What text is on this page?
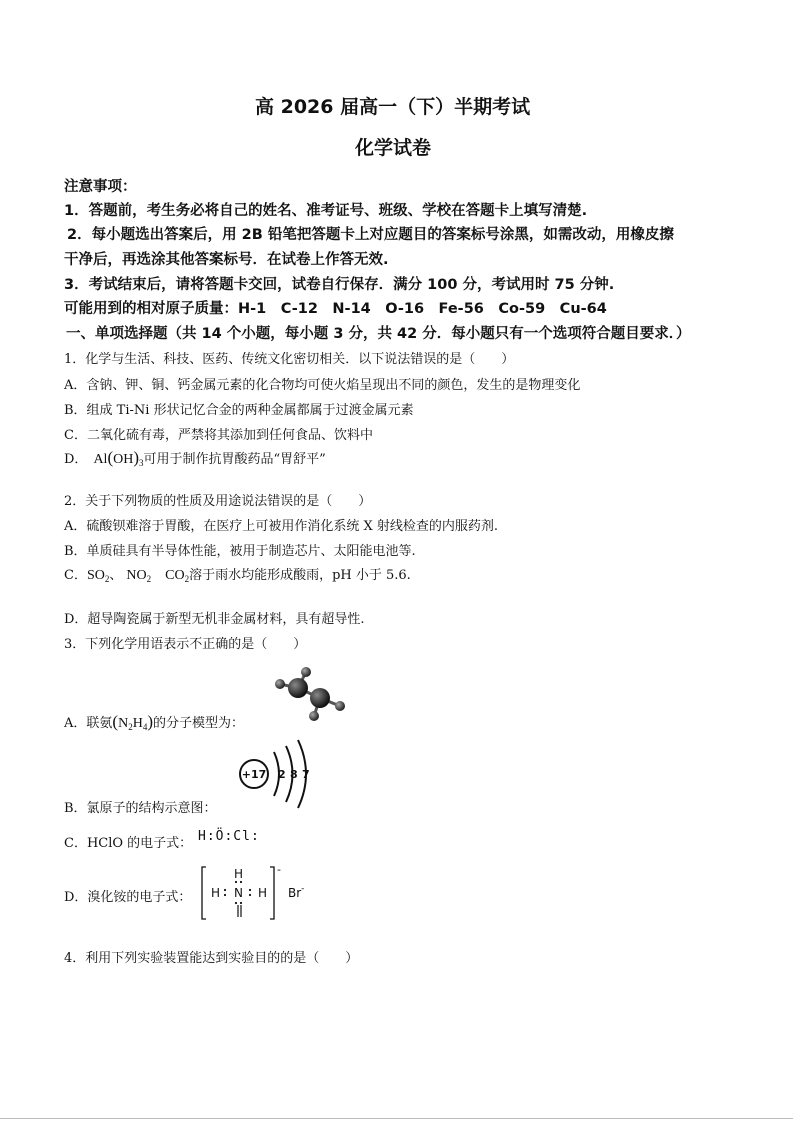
高 2026 届高一（下）半期考试
化学试卷
注意事项：
1．答题前，考生务必将自己的姓名、准考证号、班级、学校在答题卡上填写清楚.
2．每小题选出答案后，用 2B 铅笔把答题卡上对应题目的答案标号涂黑，如需改动，用橡皮擦
干净后，再选涂其他答案标号．在试卷上作答无效.
3．考试结束后，请将答题卡交回，试卷自行保存．满分 100 分，考试用时 75 分钟.
可能用到的相对原子质量：H-1　C-12　N-14　O-16　Fe-56　Co-59　Cu-64
一、单项选择题（共 14 个小题，每小题 3 分，共 42 分．每小题只有一个选项符合题目要求．）
1．化学与生活、科技、医药、传统文化密切相关．以下说法错误的是（　　）
A．含钠、钾、铜、钙金属元素的化合物均可使火焰呈现出不同的颜色，发生的是物理变化
B．组成 Ti-Ni 形状记忆合金的两种金属都属于过渡金属元素
C．二氧化硫有毒，严禁将其添加到任何食品、饮料中
D． $Al(OH)_3$可用于制作抗胃酸药品“胃舒平”
2．关于下列物质的性质及用途说法错误的是（　　）
A．硫酸钡难溶于胃酸，在医疗上可被用作消化系统 X 射线检查的内服药剂.
B．单质硅具有半导体性能，被用于制造芯片、太阳能电池等.
C．$SO_2$、 $NO_2$ $CO_2$溶于雨水均能形成酸雨，pH 小于 5.6.
D．超导陶瓷属于新型无机非金属材料，具有超导性.
3．下列化学用语表示不正确的是（　　）
A．联氨$(N_2H_4)$的分子模型为：
+17 2 8 7
B．氯原子的结构示意图：
C．HClO 的电子式： H:Ö:Cl:
D．溴化铵的电子式：
-
H
N
H	H Br-
4．利用下列实验装置能达到实验目的的是（　　）
